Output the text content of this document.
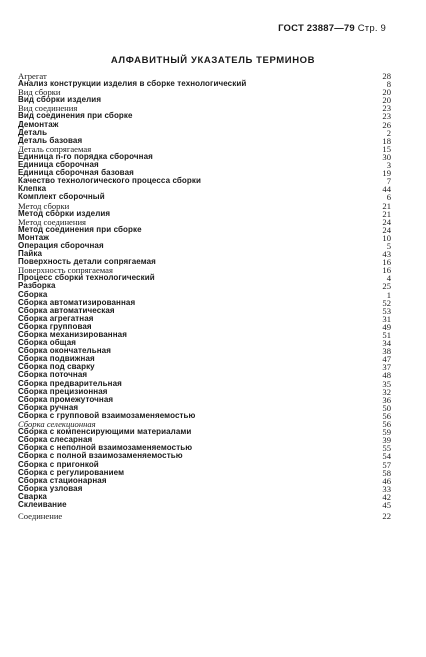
ГОСТ 23887—79 Стр. 9
АЛФАВИТНЫЙ УКАЗАТЕЛЬ ТЕРМИНОВ
Агрегат	28
Анализ конструкции изделия в сборке технологический	8
Вид сборки	20
Вид сборки изделия	20
Вид соединения	23
Вид соединения при сборке	23
Демонтаж	26
Деталь	2
Деталь базовая	18
Деталь сопрягаемая	15
Единица n-го порядка сборочная	30
Единица сборочная	3
Единица сборочная базовая	19
Качество технологического процесса сборки	7
Клепка	44
Комплект сборочный	6
Метод сборки	21
Метод сборки изделия	21
Метод соединения	24
Метод соединения при сборке	24
Монтаж	10
Операция сборочная	5
Пайка	43
Поверхность детали сопрягаемая	16
Поверхность сопрягаемая	16
Процесс сборки технологический	4
Разборка	25
Сборка	1
Сборка автоматизированная	52
Сборка автоматическая	53
Сборка агрегатная	31
Сборка групповая	49
Сборка механизированная	51
Сборка общая	34
Сборка окончательная	38
Сборка подвижная	47
Сборка под сварку	37
Сборка поточная	48
Сборка предварительная	35
Сборка прецизионная	32
Сборка промежуточная	36
Сборка ручная	50
Сборка с групповой взаимозаменяемостью	56
Сборка селекционная	56
Сборка с компенсирующими материалами	59
Сборка слесарная	39
Сборка с неполной взаимозаменяемостью	55
Сборка с полной взаимозаменяемостью	54
Сборка с пригонкой	57
Сборка с регулированием	58
Сборка стационарная	46
Сборка узловая	33
Сварка	42
Склеивание	45
Соединение	22
